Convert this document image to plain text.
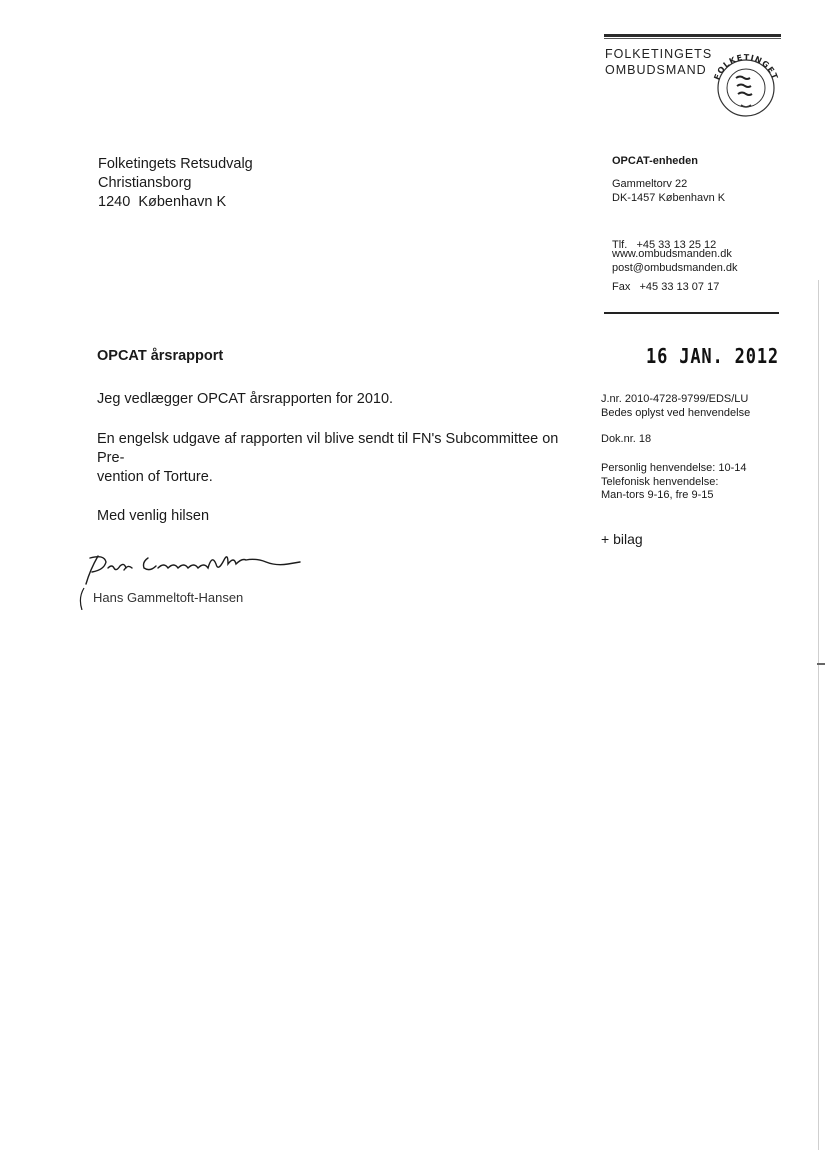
FOLKETINGETS
OMBUDSMAND FOLKETINGET
Folketingets Retsudvalg
Christiansborg
1240  København K
OPCAT-enheden
Gammeltorv 22
DK-1457 København K

Tlf.   +45 33 13 25 12

Fax   +45 33 13 07 17

www.ombudsmanden.dk
post@ombudsmanden.dk
OPCAT årsrapport	16 JAN. 2012
Jeg vedlægger OPCAT årsrapporten for 2010.
En engelsk udgave af rapporten vil blive sendt til FN's Subcommittee on Pre-
vention of Torture.
Med venlig hilsen
Hans Gammeltoft-Hansen
J.nr. 2010-4728-9799/EDS/LU
Bedes oplyst ved henvendelse
Dok.nr. 18
Personlig henvendelse: 10-14
Telefonisk henvendelse:
Man-tors 9-16, fre 9-15
+ bilag
